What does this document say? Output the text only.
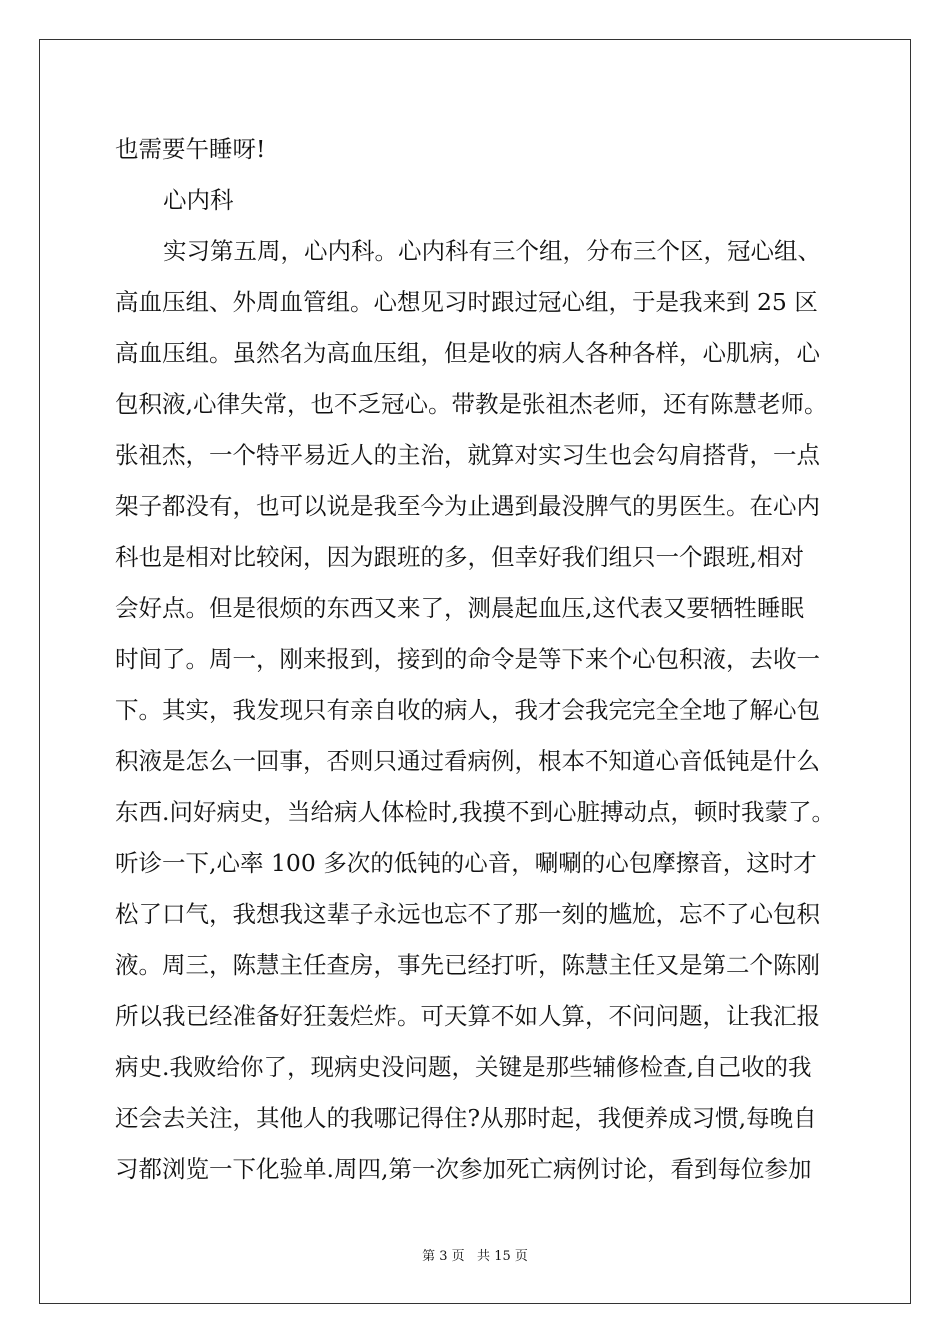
也需要午睡呀!
心内科
实习第五周，心内科。心内科有三个组，分布三个区，冠心组、
高血压组、外周血管组。心想见习时跟过冠心组，于是我来到 25 区
高血压组。虽然名为高血压组，但是收的病人各种各样，心肌病，心
包积液,心律失常，也不乏冠心。带教是张祖杰老师，还有陈慧老师。
张祖杰，一个特平易近人的主治，就算对实习生也会勾肩搭背，一点
架子都没有，也可以说是我至今为止遇到最没脾气的男医生。在心内
科也是相对比较闲，因为跟班的多，但幸好我们组只一个跟班,相对
会好点。但是很烦的东西又来了，测晨起血压,这代表又要牺牲睡眠
时间了。周一，刚来报到，接到的命令是等下来个心包积液，去收一
下。其实，我发现只有亲自收的病人，我才会我完完全全地了解心包
积液是怎么一回事，否则只通过看病例，根本不知道心音低钝是什么
东西.问好病史，当给病人体检时,我摸不到心脏搏动点，顿时我蒙了。
听诊一下,心率 100 多次的低钝的心音，唰唰的心包摩擦音，这时才
松了口气，我想我这辈子永远也忘不了那一刻的尴尬，忘不了心包积
液。周三，陈慧主任查房，事先已经打听，陈慧主任又是第二个陈刚
所以我已经准备好狂轰烂炸。可天算不如人算，不问问题，让我汇报
病史.我败给你了，现病史没问题，关键是那些辅修检查,自己收的我
还会去关注，其他人的我哪记得住?从那时起，我便养成习惯,每晚自
习都浏览一下化验单.周四,第一次参加死亡病例讨论，看到每位参加
第 3 页   共 15 页
